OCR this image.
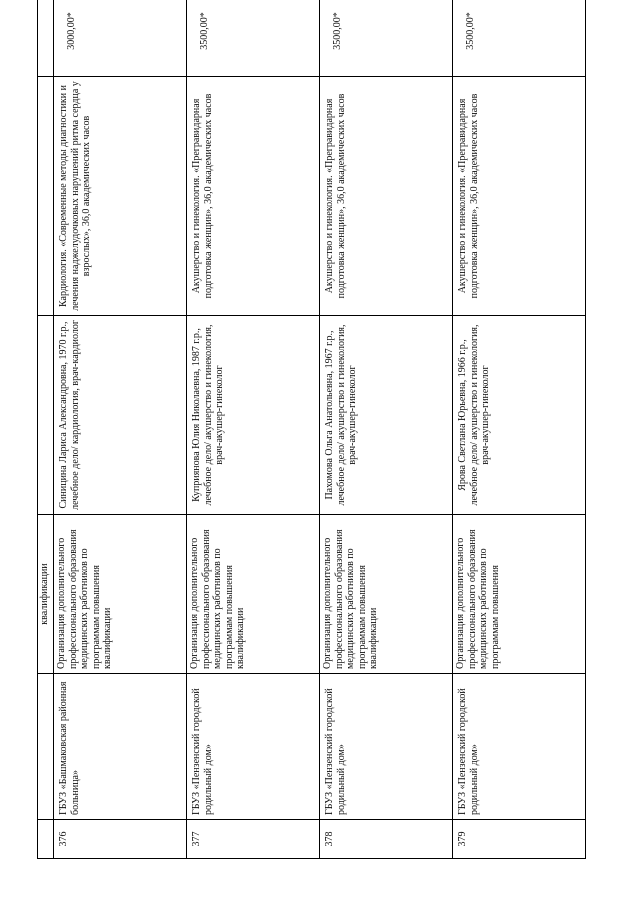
		квалификации			
376	ГБУЗ «Башмаковская районная больница»	Организация дополнительного профессионального образования медицинских работников по программам повышения квалификации	Синицина Лариса Александровна, 1970 г.р., лечебное дело/ кардиология, врач-кардиолог	Кардиология. «Современные методы диагностики и лечения наджелудочковых нарушений ритма сердца у взрослых», 36,0 академических часов	3000,00*
377	ГБУЗ «Пензенский городской родильный дом»	Организация дополнительного профессионального образования медицинских работников по программам повышения квалификации	Куприянова Юлия Николаевна, 1987 г.р., лечебное дело/ акушерство и гинекология, врач-акушер-гинеколог	Акушерство и гинекология. «Прегравидарная подготовка женщин», 36,0 академических часов	3500,00*
378	ГБУЗ «Пензенский городской родильный дом»	Организация дополнительного профессионального образования медицинских работников по программам повышения квалификации	Пахомова Ольга Анатольевна, 1967 г.р., лечебное дело/ акушерство и гинекология, врач-акушер-гинеколог	Акушерство и гинекология. «Прегравидарная подготовка женщин», 36,0 академических часов	3500,00*
379	ГБУЗ «Пензенский городской родильный дом»	Организация дополнительного профессионального образования медицинских работников по программам повышения	Ярова Светлана Юрьевна, 1966 г.р., лечебное дело/ акушерство и гинекология, врач-акушер-гинеколог	Акушерство и гинекология. «Прегравидарная подготовка женщин», 36,0 академических часов	3500,00*
